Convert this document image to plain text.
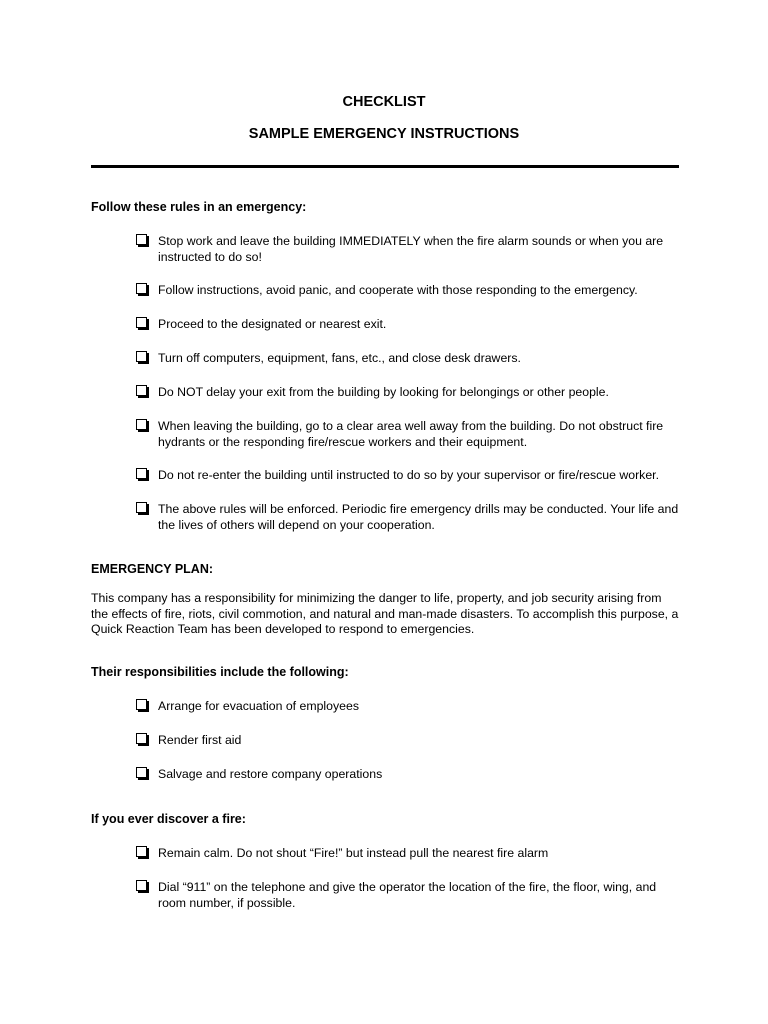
CHECKLIST
SAMPLE EMERGENCY INSTRUCTIONS
Follow these rules in an emergency:
Stop work and leave the building IMMEDIATELY when the fire alarm sounds or when you are instructed to do so!
Follow instructions, avoid panic, and cooperate with those responding to the emergency.
Proceed to the designated or nearest exit.
Turn off computers, equipment, fans, etc., and close desk drawers.
Do NOT delay your exit from the building by looking for belongings or other people.
When leaving the building, go to a clear area well away from the building. Do not obstruct fire hydrants or the responding fire/rescue workers and their equipment.
Do not re-enter the building until instructed to do so by your supervisor or fire/rescue worker.
The above rules will be enforced. Periodic fire emergency drills may be conducted. Your life and the lives of others will depend on your cooperation.
EMERGENCY PLAN:
This company has a responsibility for minimizing the danger to life, property, and job security arising from the effects of fire, riots, civil commotion, and natural and man-made disasters. To accomplish this purpose, a Quick Reaction Team has been developed to respond to emergencies.
Their responsibilities include the following:
Arrange for evacuation of employees
Render first aid
Salvage and restore company operations
If you ever discover a fire:
Remain calm. Do not shout “Fire!” but instead pull the nearest fire alarm
Dial “911” on the telephone and give the operator the location of the fire, the floor, wing, and room number, if possible.
